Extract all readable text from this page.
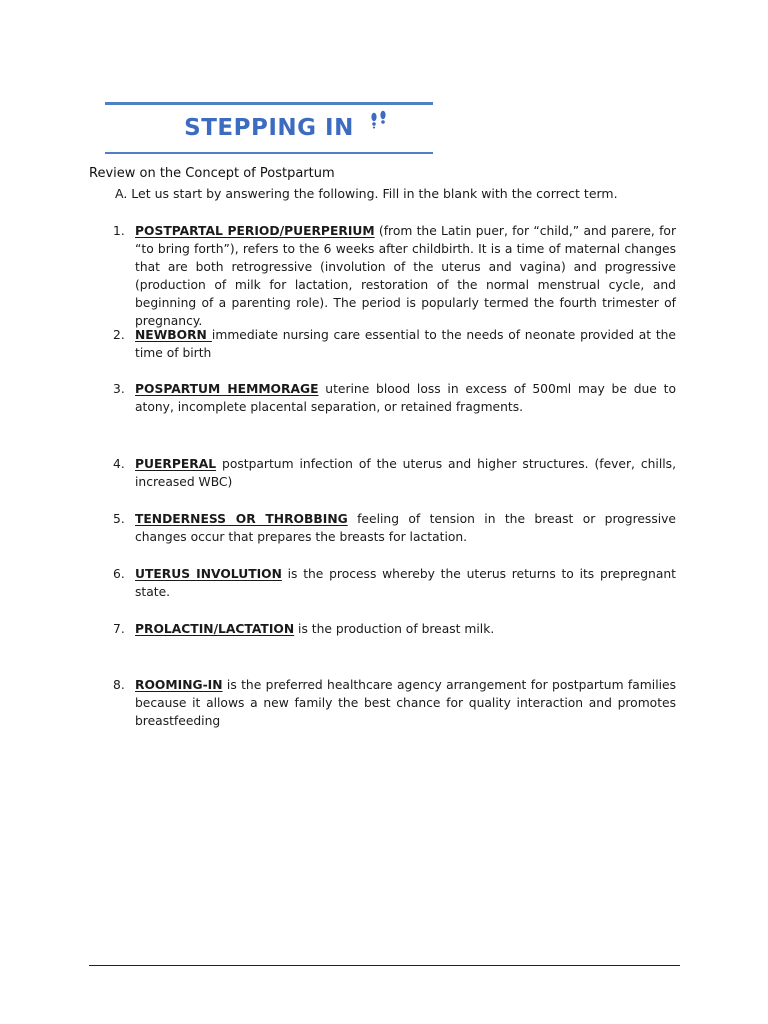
STEPPING IN
Review on the Concept of Postpartum
A. Let us start by answering the following. Fill in the blank with the correct term.
1. POSTPARTAL PERIOD/PUERPERIUM (from the Latin puer, for “child,” and parere, for “to bring forth”), refers to the 6 weeks after childbirth. It is a time of maternal changes that are both retrogressive (involution of the uterus and vagina) and progressive (production of milk for lactation, restoration of the normal menstrual cycle, and beginning of a parenting role). The period is popularly termed the fourth trimester of pregnancy.
2. NEWBORN immediate nursing care essential to the needs of neonate provided at the time of birth
3. POSPARTUM HEMMORAGE uterine blood loss in excess of 500ml may be due to atony, incomplete placental separation, or retained fragments.
4. PUERPERAL postpartum infection of the uterus and higher structures. (fever, chills, increased WBC)
5. TENDERNESS OR THROBBING feeling of tension in the breast or progressive changes occur that prepares the breasts for lactation.
6. UTERUS INVOLUTION is the process whereby the uterus returns to its prepregnant state.
7. PROLACTIN/LACTATION is the production of breast milk.
8. ROOMING-IN is the preferred healthcare agency arrangement for postpartum families because it allows a new family the best chance for quality interaction and promotes breastfeeding
